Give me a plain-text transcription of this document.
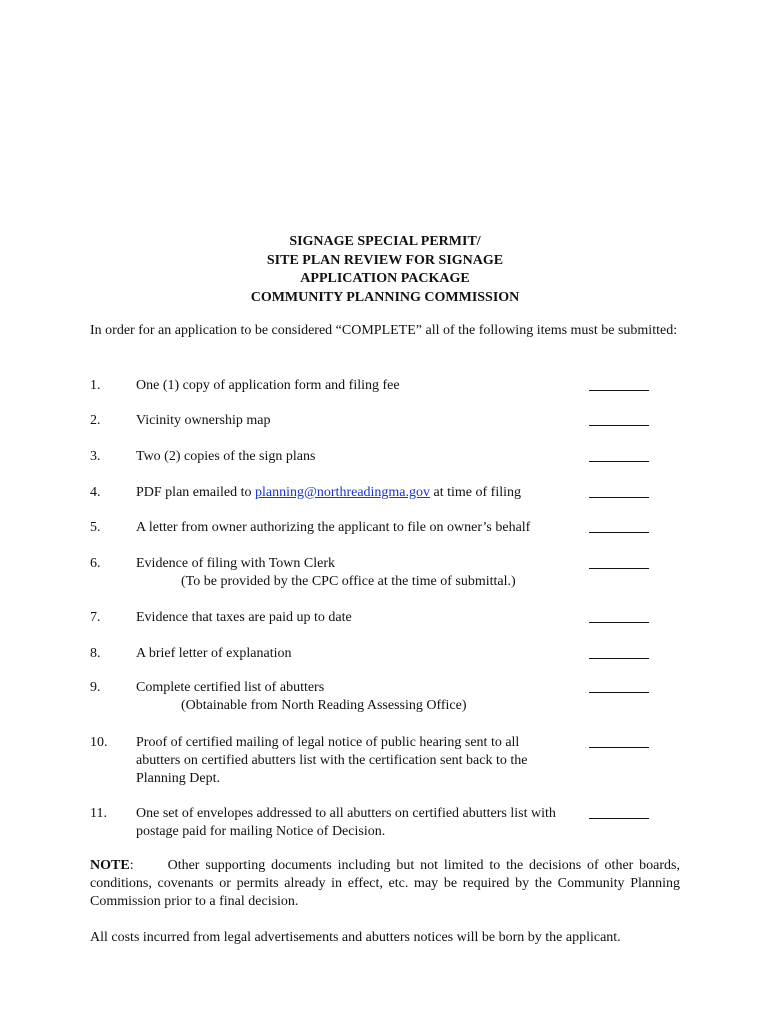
SIGNAGE SPECIAL PERMIT/
SITE PLAN REVIEW FOR SIGNAGE
APPLICATION PACKAGE
COMMUNITY PLANNING COMMISSION
In order for an application to be considered “COMPLETE” all of the following items must be submitted:
1.	One (1) copy of application form and filing fee
2.	Vicinity ownership map
3.	Two (2) copies of the sign plans
4.	PDF plan emailed to planning@northreadingma.gov at time of filing
5.	A letter from owner authorizing the applicant to file on owner’s behalf
6.	Evidence of filing with Town Clerk
(To be provided by the CPC office at the time of submittal.)
7.	Evidence that taxes are paid up to date
8.	A brief letter of explanation
9.	Complete certified list of abutters
(Obtainable from North Reading Assessing Office)
10. Proof of certified mailing of legal notice of public hearing sent to all abutters on certified abutters list with the certification sent back to the Planning Dept.
11. One set of envelopes addressed to all abutters on certified abutters list with postage paid for mailing Notice of Decision.
NOTE: Other supporting documents including but not limited to the decisions of other boards, conditions, covenants or permits already in effect, etc. may be required by the Community Planning Commission prior to a final decision.
All costs incurred from legal advertisements and abutters notices will be born by the applicant.
